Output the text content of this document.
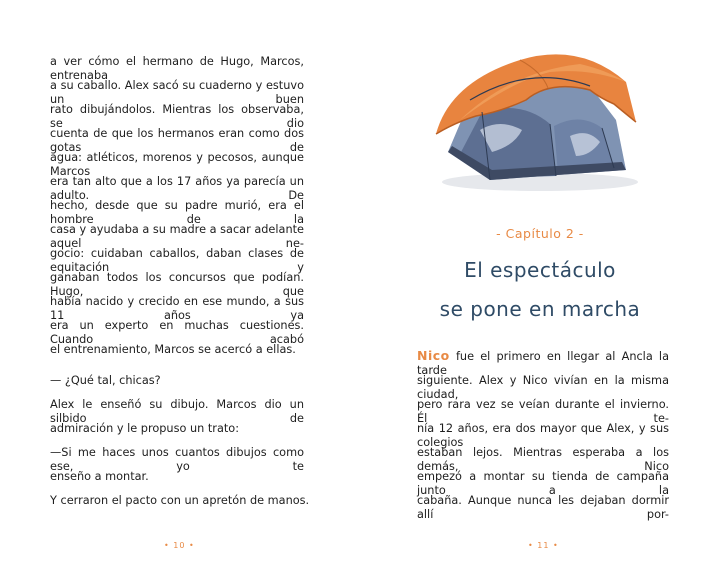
a ver cómo el hermano de Hugo, Marcos, entrenaba
a su caballo. Alex sacó su cuaderno y estuvo un buen
rato dibujándolos. Mientras los observaba, se dio
cuenta de que los hermanos eran como dos gotas de
agua: atléticos, morenos y pecosos, aunque Marcos
era tan alto que a los 17 años ya parecía un adulto. De
hecho, desde que su padre murió, era el hombre de la
casa y ayudaba a su madre a sacar adelante aquel ne-
gocio: cuidaban caballos, daban clases de equitación y
ganaban todos los concursos que podían. Hugo, que
había nacido y crecido en ese mundo, a sus 11 años ya
era un experto en muchas cuestiones. Cuando acabó
el entrenamiento, Marcos se acercó a ellas.
— ¿Qué tal, chicas?
Alex le enseñó su dibujo. Marcos dio un silbido de
admiración y le propuso un trato:
—Si me haces unos cuantos dibujos como ese, yo te
enseño a montar.
Y cerraron el pacto con un apretón de manos.
• 10 •
- Capítulo 2 -
El espectáculo
se pone en marcha
Nico fue el primero en llegar al Ancla la tarde
siguiente. Alex y Nico vivían en la misma ciudad,
pero rara vez se veían durante el invierno. Él te-
nía 12 años, era dos mayor que Alex, y sus colegios
estaban lejos. Mientras esperaba a los demás, Nico
empezó a montar su tienda de campaña junto a la
cabaña. Aunque nunca les dejaban dormir allí por-
• 11 •
